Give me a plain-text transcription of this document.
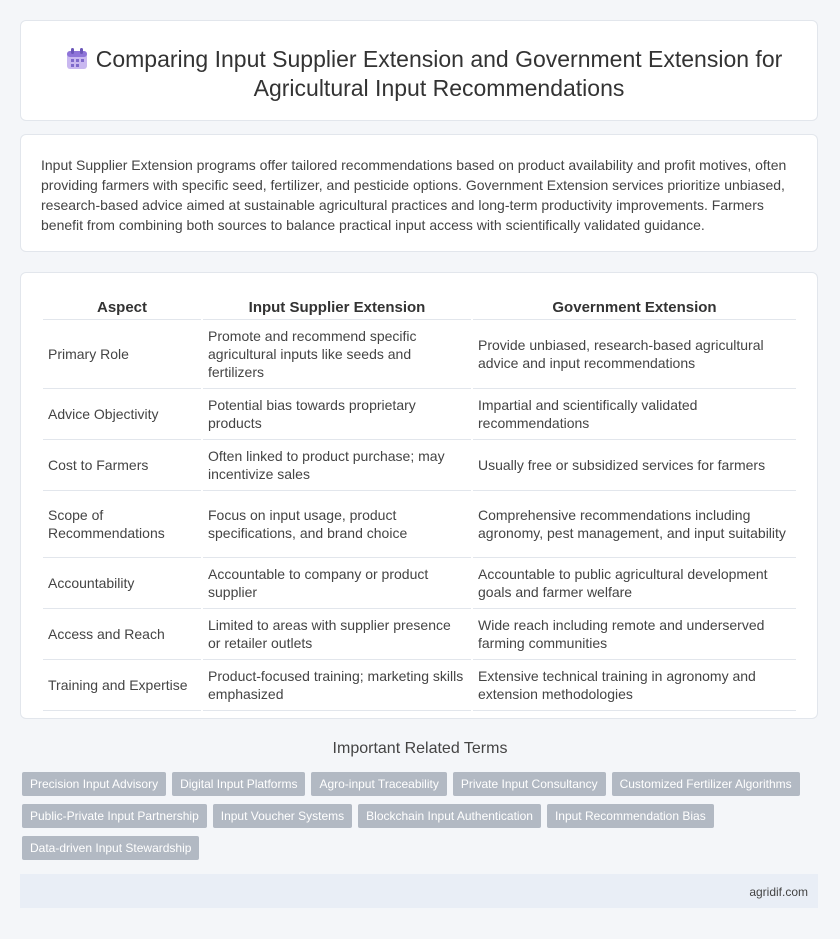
Comparing Input Supplier Extension and Government Extension for Agricultural Input Recommendations

Input Supplier Extension programs offer tailored recommendations based on product availability and profit motives, often providing farmers with specific seed, fertilizer, and pesticide options. Government Extension services prioritize unbiased, research-based advice aimed at sustainable agricultural practices and long-term productivity improvements. Farmers benefit from combining both sources to balance practical input access with scientifically validated guidance.

Aspect	Input Supplier Extension	Government Extension
Primary Role	Promote and recommend specific agricultural inputs like seeds and fertilizers	Provide unbiased, research-based agricultural advice and input recommendations
Advice Objectivity	Potential bias towards proprietary products	Impartial and scientifically validated recommendations
Cost to Farmers	Often linked to product purchase; may incentivize sales	Usually free or subsidized services for farmers
Scope of Recommendations	Focus on input usage, product specifications, and brand choice	Comprehensive recommendations including agronomy, pest management, and input suitability
Accountability	Accountable to company or product supplier	Accountable to public agricultural development goals and farmer welfare
Access and Reach	Limited to areas with supplier presence or retailer outlets	Wide reach including remote and underserved farming communities
Training and Expertise	Product-focused training; marketing skills emphasized	Extensive technical training in agronomy and extension methodologies
Important Related Terms
Precision Input Advisory	Digital Input Platforms	Agro-input Traceability	Private Input Consultancy	Customized Fertilizer Algorithms
Public-Private Input Partnership	Input Voucher Systems	Blockchain Input Authentication	Input Recommendation Bias
Data-driven Input Stewardship
agridif.com
